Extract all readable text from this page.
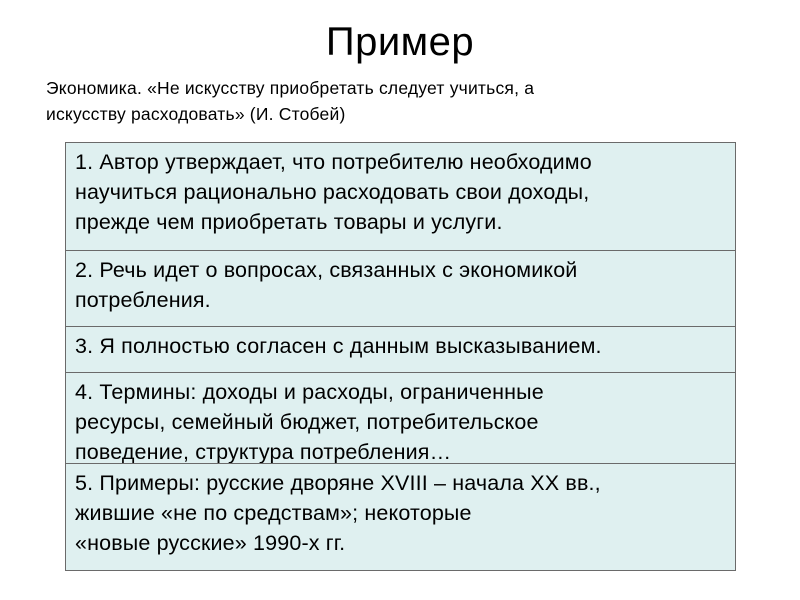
Пример
Экономика. «Не искусству приобретать следует учиться, а
искусству расходовать» (И. Стобей)
1. Автор утверждает, что потребителю необходимо
научиться рационально расходовать свои доходы,
прежде чем приобретать товары и услуги.
2. Речь идет о вопросах, связанных с экономикой
потребления.
3. Я полностью согласен с данным высказыванием.
4. Термины: доходы и расходы, ограниченные
ресурсы, семейный бюджет, потребительское
поведение, структура потребления…
5. Примеры: русские дворяне XVIII – начала XX вв.,
жившие «не по средствам»; некоторые
«новые русские» 1990-х гг.
